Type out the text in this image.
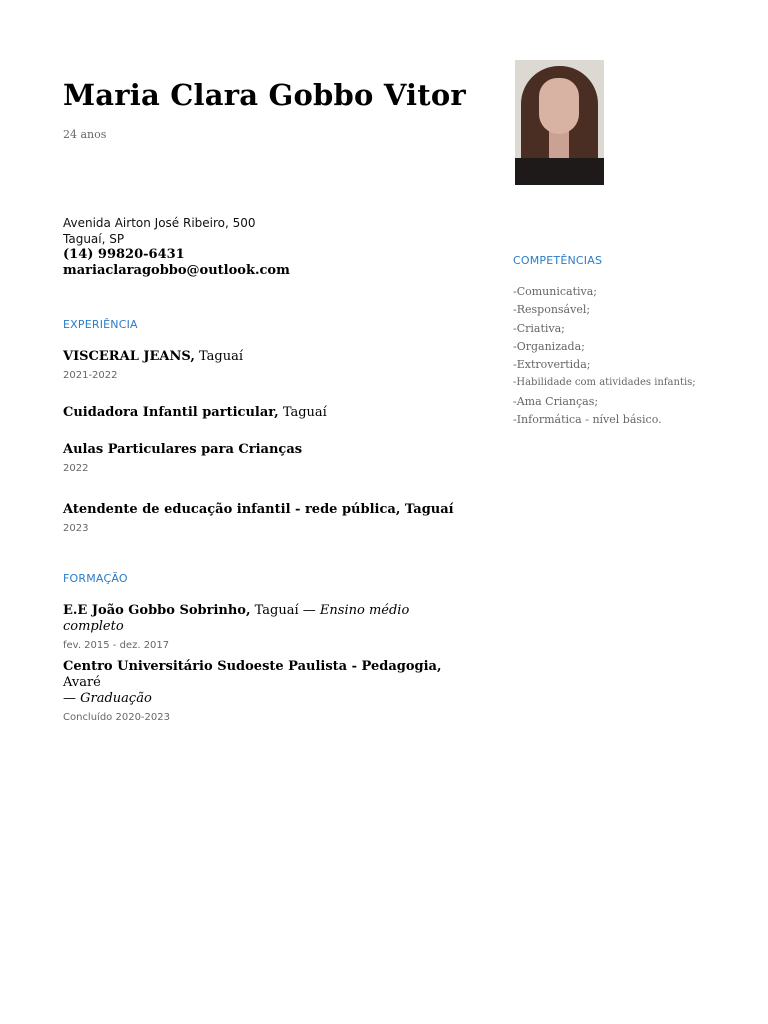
Maria Clara Gobbo Vitor
24 anos
Avenida Airton José Ribeiro, 500
Taguaí, SP
(14) 99820-6431
mariaclaragobbo@outlook.com
EXPERIÊNCIA
VISCERAL JEANS, Taguaí
2021-2022
Cuidadora Infantil particular, Taguaí
Aulas Particulares para Crianças
2022
Atendente de educação infantil - rede pública, Taguaí
2023
FORMAÇÃO
E.E João Gobbo Sobrinho, Taguaí — Ensino médio completo
fev. 2015 - dez. 2017
Centro Universitário Sudoeste Paulista - Pedagogia,
Avaré
— Graduação
Concluído 2020-2023
COMPETÊNCIAS
-Comunicativa;
-Responsável;
-Criativa;
-Organizada;
-Extrovertida;
-Habilidade com atividades infantis;
-Ama Crianças;
-Informática - nível básico.
